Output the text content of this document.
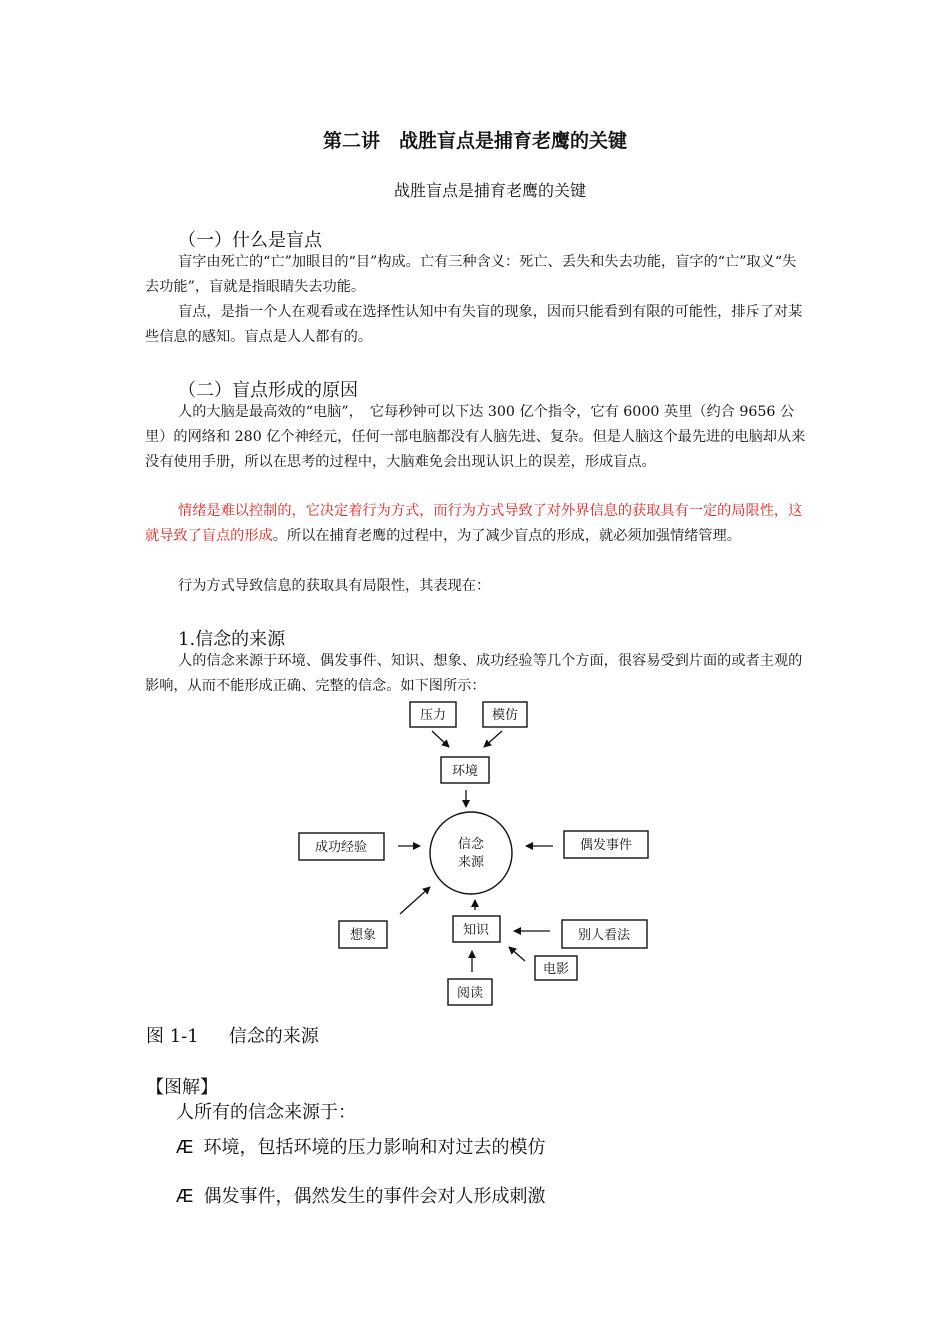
第二讲　战胜盲点是捕育老鹰的关键
战胜盲点是捕育老鹰的关键
（一）什么是盲点
盲字由死亡的“亡”加眼目的“目”构成。亡有三种含义：死亡、丢失和失去功能，盲字的“亡”取义“失去功能”，盲就是指眼睛失去功能。
盲点，是指一个人在观看或在选择性认知中有失盲的现象，因而只能看到有限的可能性，排斥了对某些信息的感知。盲点是人人都有的。
（二）盲点形成的原因
人的大脑是最高效的“电脑”，　它每秒钟可以下达 300 亿个指令，它有 6000 英里（约合 9656 公里）的网络和 280 亿个神经元，任何一部电脑都没有人脑先进、复杂。但是人脑这个最先进的电脑却从来没有使用手册，所以在思考的过程中，大脑难免会出现认识上的误差，形成盲点。
情绪是难以控制的，它决定着行为方式，而行为方式导致了对外界信息的获取具有一定的局限性，这就导致了盲点的形成。所以在捕育老鹰的过程中，为了减少盲点的形成，就必须加强情绪管理。
行为方式导致信息的获取具有局限性，其表现在：
1.信念的来源
人的信念来源于环境、偶发事件、知识、想象、成功经验等几个方面，很容易受到片面的或者主观的影响，从而不能形成正确、完整的信念。如下图所示：
压力	模仿
环境
信念
来源
成功经验	偶发事件
想象	知识	别人看法
电影
阅读
图 1-1 信念的来源
【图解】
人所有的信念来源于：
Æ 环境，包括环境的压力影响和对过去的模仿
Æ 偶发事件，偶然发生的事件会对人形成刺激
